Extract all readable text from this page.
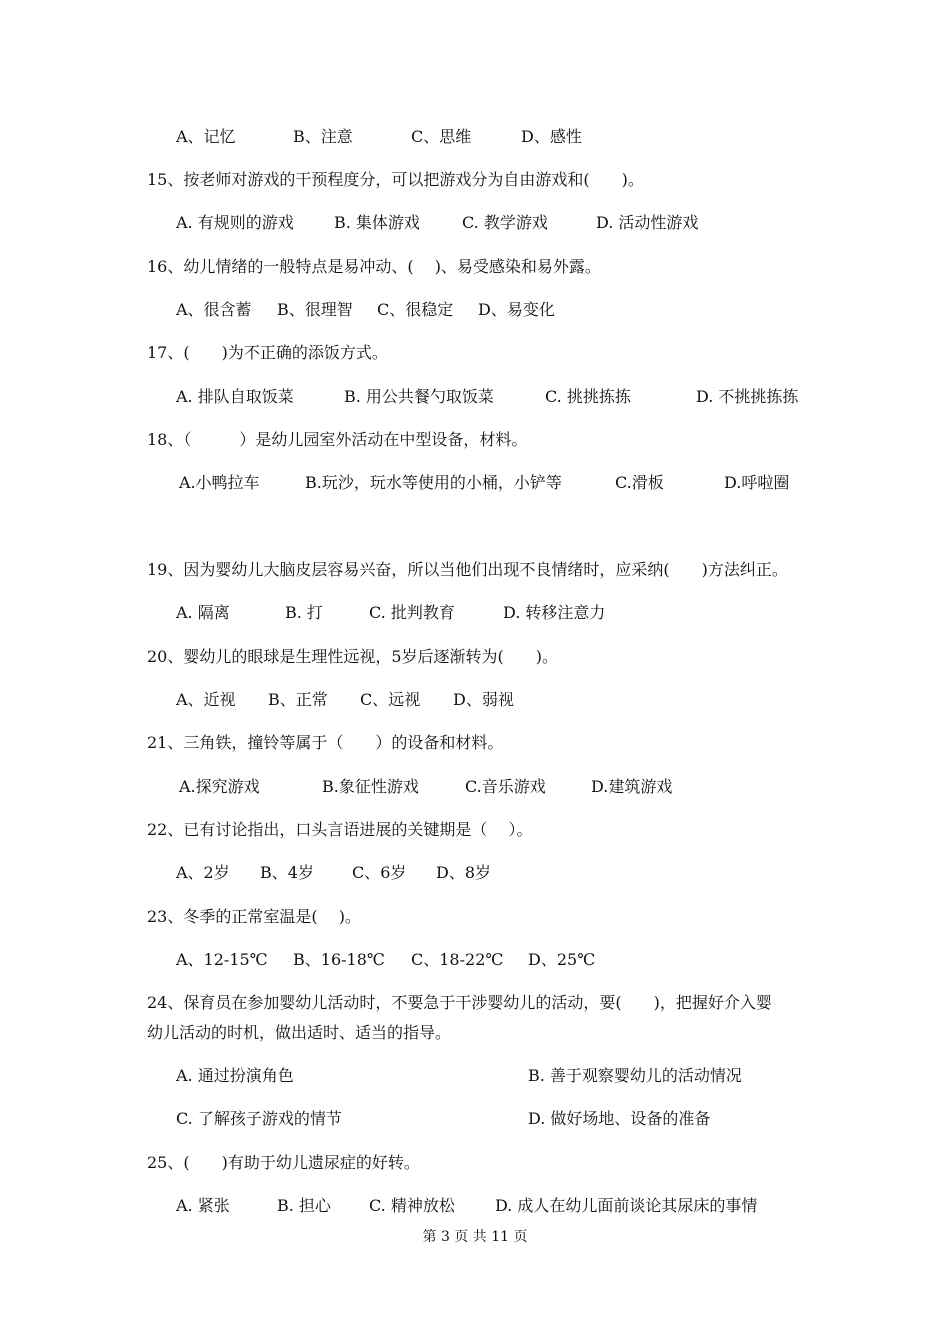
A、记忆	B、注意	C、思维	D、感性
15、按老师对游戏的干预程度分，可以把游戏分为自由游戏和(　　)。
A. 有规则的游戏	B. 集体游戏	C. 教学游戏	D. 活动性游戏
16、幼儿情绪的一般特点是易冲动、(　 )、易受感染和易外露。
A、很含蓄 B、很理智 C、很稳定 D、易变化
17、(　　)为不正确的添饭方式。
A. 排队自取饭菜	B. 用公共餐勺取饭菜	C. 挑挑拣拣	D. 不挑挑拣拣
18、（　　　）是幼儿园室外活动在中型设备，材料。
A.小鸭拉车	B.玩沙，玩水等使用的小桶，小铲等	C.滑板	D.呼啦圈
19、因为婴幼儿大脑皮层容易兴奋，所以当他们出现不良情绪时，应采纳(　　)方法纠正。
A. 隔离	B. 打	C. 批判教育	D. 转移注意力
20、婴幼儿的眼球是生理性远视，5岁后逐渐转为(　　)。
A、近视 B、正常 C、远视 D、弱视
21、三角铁，撞铃等属于（　　）的设备和材料。
A.探究游戏	B.象征性游戏	C.音乐游戏	D.建筑游戏
22、已有讨论指出，口头言语进展的关键期是（　 ）。
A、2岁 B、4岁 C、6岁 D、8岁
23、冬季的正常室温是(　 )。
A、12-15℃ B、16-18℃ C、18-22℃ D、25℃
24、保育员在参加婴幼儿活动时，不要急于干涉婴幼儿的活动，要(　　)，把握好介入婴
幼儿活动的时机，做出适时、适当的指导。
A. 通过扮演角色	B. 善于观察婴幼儿的活动情况
C. 了解孩子游戏的情节	D. 做好场地、设备的准备
25、(　　)有助于幼儿遗尿症的好转。
A. 紧张	B. 担心 C. 精神放松	D. 成人在幼儿面前谈论其尿床的事情
第 3 页 共 11 页
